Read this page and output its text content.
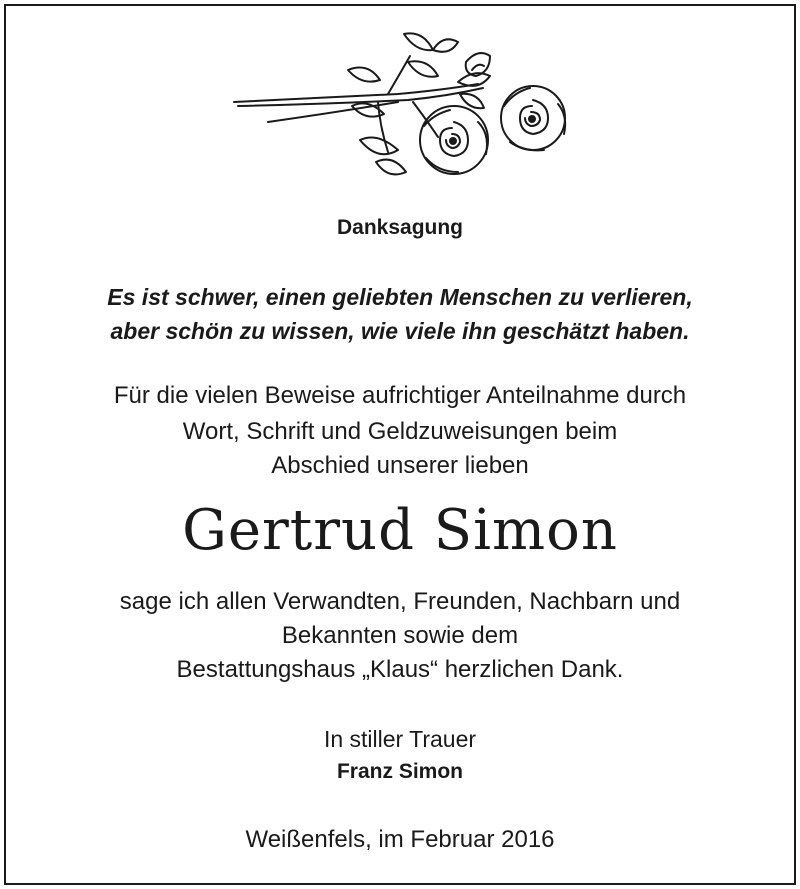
Danksagung
Es ist schwer, einen geliebten Menschen zu verlieren,
aber schön zu wissen, wie viele ihn geschätzt haben.
Für die vielen Beweise aufrichtiger Anteilnahme durch
Wort, Schrift und Geldzuweisungen beim
Abschied unserer lieben
Gertrud Simon
sage ich allen Verwandten, Freunden, Nachbarn und
Bekannten sowie dem
Bestattungshaus „Klaus“ herzlichen Dank.
In stiller Trauer
Franz Simon
Weißenfels, im Februar 2016
